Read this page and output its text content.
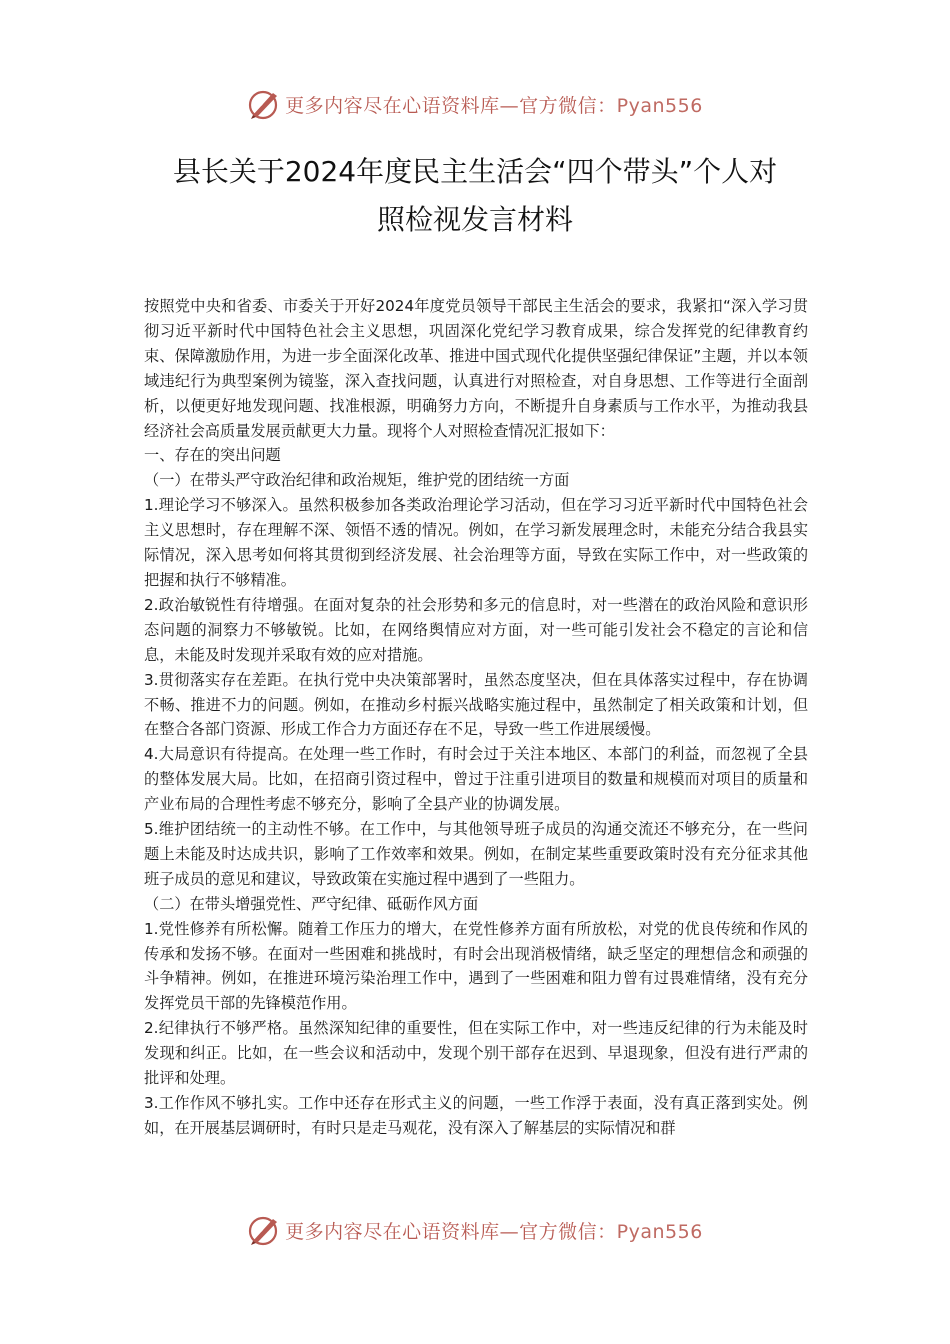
更多内容尽在心语资料库—官方微信：Pyan556
县长关于2024年度民主生活会“四个带头”个人对
照检视发言材料

按照党中央和省委、市委关于开好2024年度党员领导干部民主生活会的要求，我紧扣“深入学习贯彻习近平新时代中国特色社会主义思想，巩固深化党纪学习教育成果，综合发挥党的纪律教育约束、保障激励作用，为进一步全面深化改革、推进中国式现代化提供坚强纪律保证”主题，并以本领域违纪行为典型案例为镜鉴，深入查找问题，认真进行对照检查，对自身思想、工作等进行全面剖析，以便更好地发现问题、找准根源，明确努力方向，不断提升自身素质与工作水平，为推动我县经济社会高质量发展贡献更大力量。现将个人对照检查情况汇报如下：

一、存在的突出问题

（一）在带头严守政治纪律和政治规矩，维护党的团结统一方面

1.理论学习不够深入。虽然积极参加各类政治理论学习活动，但在学习习近平新时代中国特色社会主义思想时，存在理解不深、领悟不透的情况。例如，在学习新发展理念时，未能充分结合我县实际情况，深入思考如何将其贯彻到经济发展、社会治理等方面，导致在实际工作中，对一些政策的把握和执行不够精准。

2.政治敏锐性有待增强。在面对复杂的社会形势和多元的信息时，对一些潜在的政治风险和意识形态问题的洞察力不够敏锐。比如，在网络舆情应对方面，对一些可能引发社会不稳定的言论和信息，未能及时发现并采取有效的应对措施。

3.贯彻落实存在差距。在执行党中央决策部署时，虽然态度坚决，但在具体落实过程中，存在协调不畅、推进不力的问题。例如，在推动乡村振兴战略实施过程中，虽然制定了相关政策和计划，但在整合各部门资源、形成工作合力方面还存在不足，导致一些工作进展缓慢。

4.大局意识有待提高。在处理一些工作时，有时会过于关注本地区、本部门的利益，而忽视了全县的整体发展大局。比如，在招商引资过程中，曾过于注重引进项目的数量和规模而对项目的质量和产业布局的合理性考虑不够充分，影响了全县产业的协调发展。

5.维护团结统一的主动性不够。在工作中，与其他领导班子成员的沟通交流还不够充分，在一些问题上未能及时达成共识，影响了工作效率和效果。例如，在制定某些重要政策时没有充分征求其他班子成员的意见和建议，导致政策在实施过程中遇到了一些阻力。

（二）在带头增强党性、严守纪律、砥砺作风方面

1.党性修养有所松懈。随着工作压力的增大，在党性修养方面有所放松，对党的优良传统和作风的传承和发扬不够。在面对一些困难和挑战时，有时会出现消极情绪，缺乏坚定的理想信念和顽强的斗争精神。例如，在推进环境污染治理工作中，遇到了一些困难和阻力曾有过畏难情绪，没有充分发挥党员干部的先锋模范作用。

2.纪律执行不够严格。虽然深知纪律的重要性，但在实际工作中，对一些违反纪律的行为未能及时发现和纠正。比如，在一些会议和活动中，发现个别干部存在迟到、早退现象，但没有进行严肃的批评和处理。

3.工作作风不够扎实。工作中还存在形式主义的问题，一些工作浮于表面，没有真正落到实处。例如，在开展基层调研时，有时只是走马观花，没有深入了解基层的实际情况和群

更多内容尽在心语资料库—官方微信：Pyan556
